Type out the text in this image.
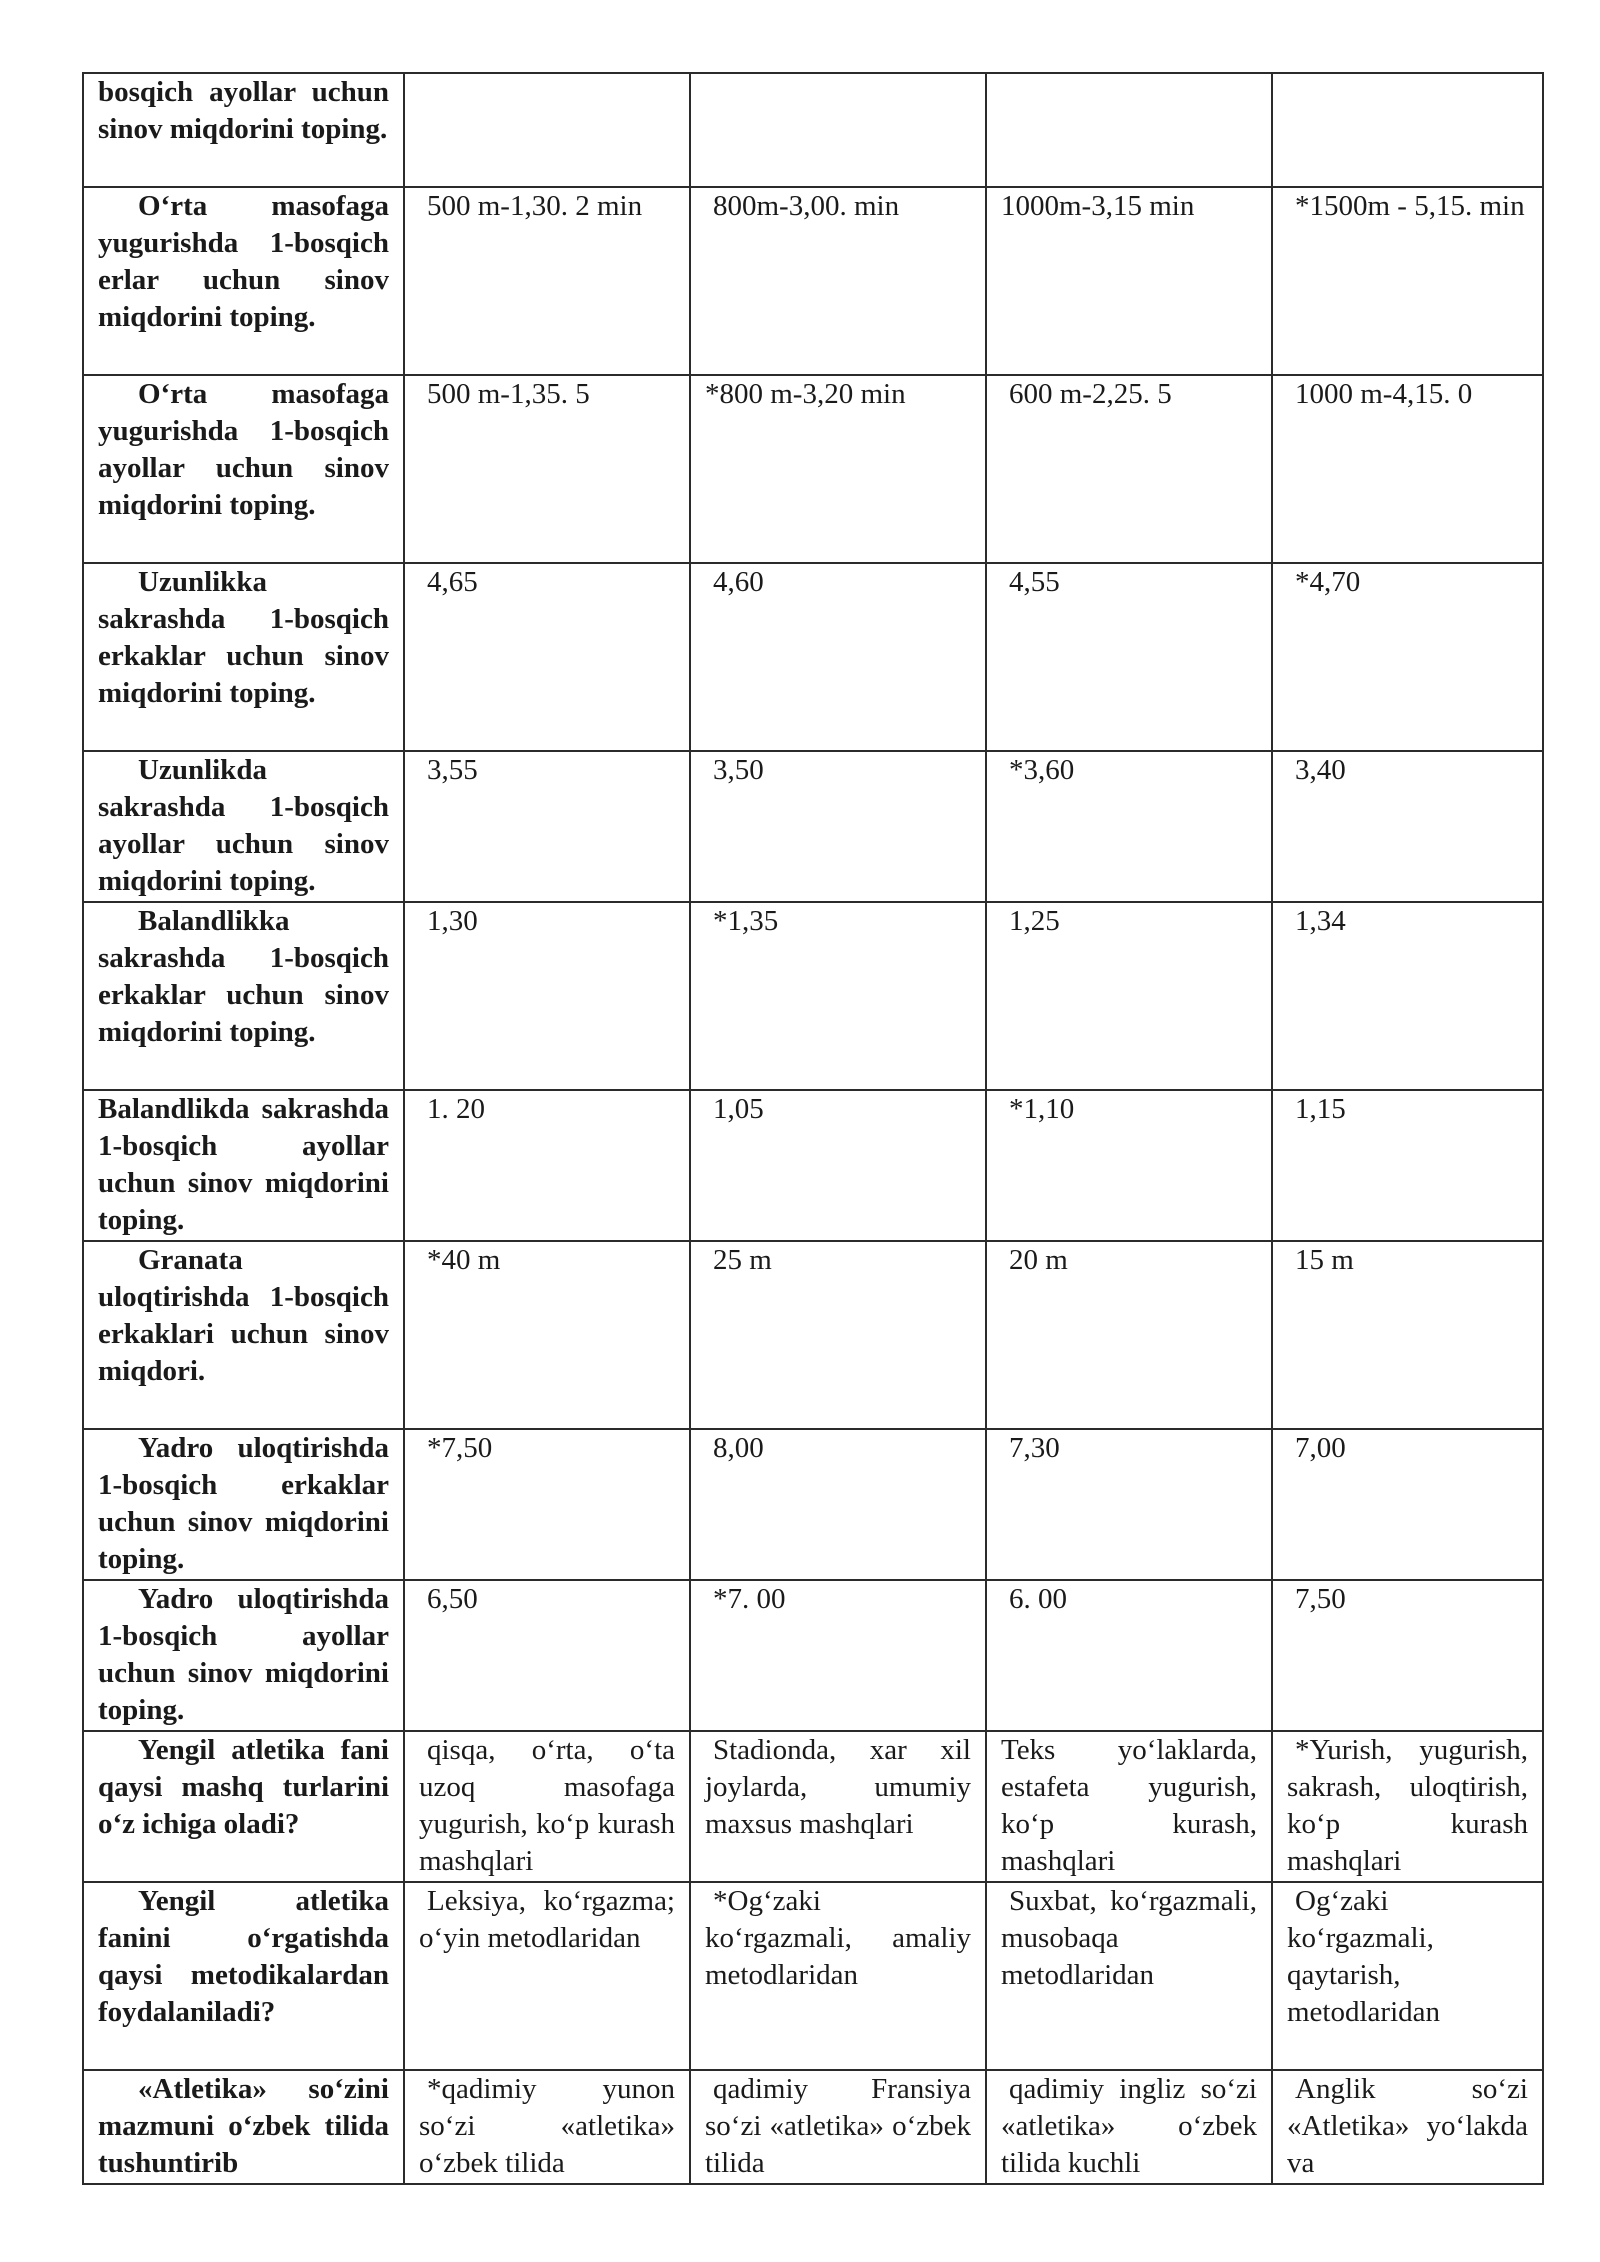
bosqich ayollar uchun sinov miqdorini toping.				
O‘rta masofaga yugurishda 1-bosqich erlar uchun sinov miqdorini toping.	500 m-1,30. 2 min	800m-3,00. min	1000m-3,15 min	*1500m - 5,15. min
O‘rta masofaga yugurishda 1-bosqich ayollar uchun sinov miqdorini toping.	500 m-1,35. 5	*800 m-3,20 min	600 m-2,25. 5	1000 m-4,15. 0
Uzunlikka sakrashda 1-bosqich erkaklar uchun sinov miqdorini toping.	4,65	4,60	4,55	*4,70
Uzunlikda sakrashda 1-bosqich ayollar uchun sinov miqdorini toping.	3,55	3,50	*3,60	3,40
Balandlikka sakrashda 1-bosqich erkaklar uchun sinov miqdorini toping.	1,30	*1,35	1,25	1,34
Balandlikda sakrashda 1-bosqich ayollar uchun sinov miqdorini toping.	1. 20	1,05	*1,10	1,15
Granata uloqtirishda 1-bosqich erkaklari uchun sinov miqdori.	*40 m	25 m	20 m	15 m
Yadro uloqtirishda 1-bosqich erkaklar uchun sinov miqdorini toping.	*7,50	8,00	7,30	7,00
Yadro uloqtirishda 1-bosqich ayollar uchun sinov miqdorini toping.	6,50	*7. 00	6. 00	7,50
Yengil atletika fani qaysi mashq turlarini o‘z ichiga oladi?	qisqa, o‘rta, o‘ta uzoq masofaga yugurish, ko‘p kurash mashqlari	Stadionda, xar xil joylarda, umumiy maxsus mashqlari	Teks yo‘laklarda, estafeta yugurish, ko‘p kurash, mashqlari	*Yurish, yugurish, sakrash, uloqtirish, ko‘p kurash mashqlari
Yengil atletika fanini o‘rgatishda qaysi metodikalardan foydalaniladi?	Leksiya, ko‘rgazma; o‘yin metodlaridan	*Og‘zaki ko‘rgazmali, amaliy metodlaridan	Suxbat, ko‘rgazmali, musobaqa metodlaridan	Og‘zaki ko‘rgazmali, qaytarish, metodlaridan
«Atletika» so‘zini mazmuni o‘zbek tilida tushuntirib	*qadimiy yunon so‘zi «atletika» o‘zbek tilida	qadimiy Fransiya so‘zi «atletika» o‘zbek tilida	qadimiy ingliz so‘zi «atletika» o‘zbek tilida kuchli	Anglik so‘zi «Atletika» yo‘lakda va
